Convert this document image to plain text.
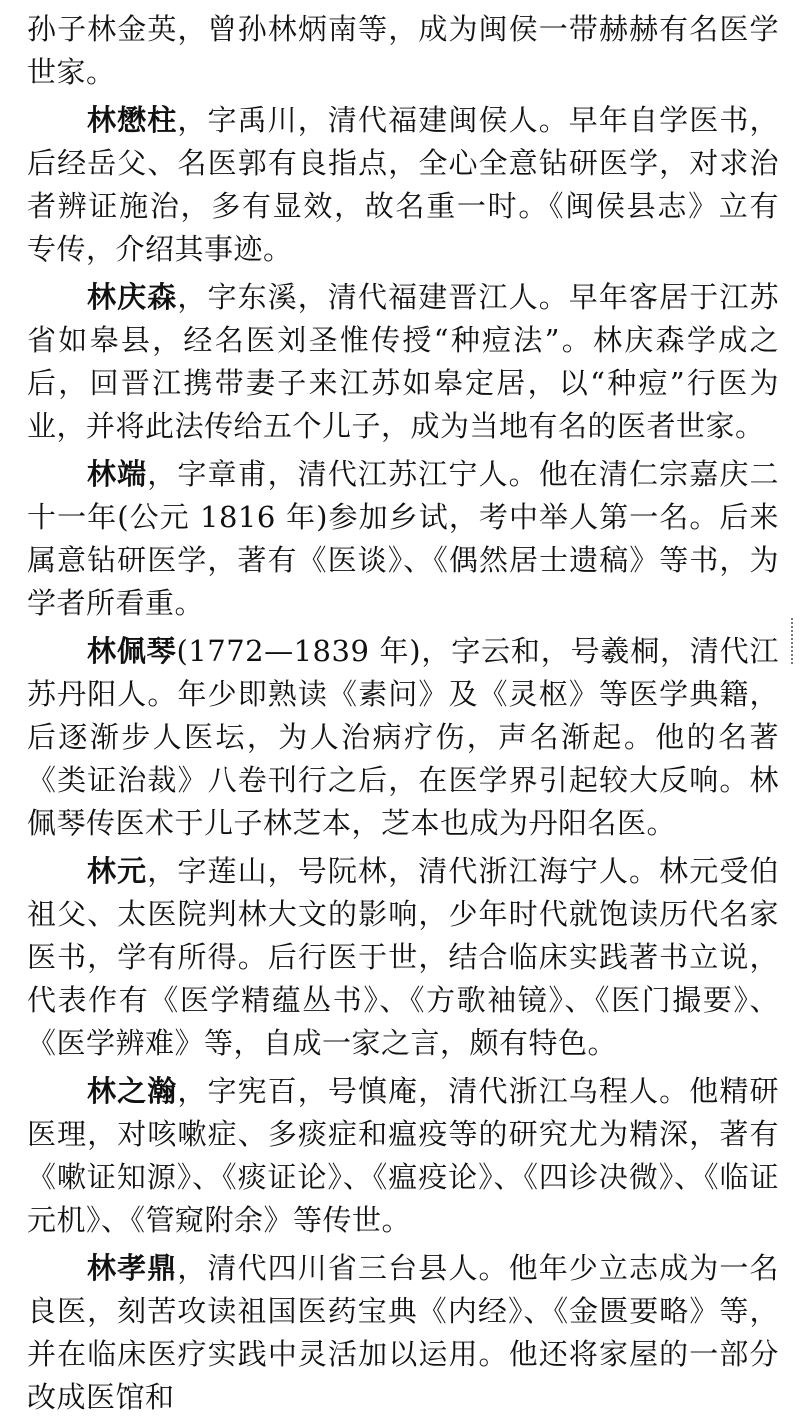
孙子林金英，曾孙林炳南等，成为闽侯一带赫赫有名医学世家。

林懋柱，字禹川，清代福建闽侯人。早年自学医书，后经岳父、名医郭有良指点，全心全意钻研医学，对求治者辨证施治，多有显效，故名重一时。《闽侯县志》立有专传，介绍其事迹。

林庆森，字东溪，清代福建晋江人。早年客居于江苏省如皋县，经名医刘圣惟传授“种痘法”。林庆森学成之后，回晋江携带妻子来江苏如皋定居，以“种痘”行医为业，并将此法传给五个儿子，成为当地有名的医者世家。

林端，字章甫，清代江苏江宁人。他在清仁宗嘉庆二十一年(公元 1816 年)参加乡试，考中举人第一名。后来属意钻研医学，著有《医谈》、《偶然居士遗稿》等书，为学者所看重。

林佩琴(1772—1839 年)，字云和，号羲桐，清代江苏丹阳人。年少即熟读《素问》及《灵枢》等医学典籍，后逐渐步人医坛，为人治病疗伤，声名渐起。他的名著《类证治裁》八卷刊行之后，在医学界引起较大反响。林佩琴传医术于儿子林芝本，芝本也成为丹阳名医。

林元，字莲山，号阮林，清代浙江海宁人。林元受伯祖父、太医院判林大文的影响，少年时代就饱读历代名家医书，学有所得。后行医于世，结合临床实践著书立说，代表作有《医学精蕴丛书》、《方歌袖镜》、《医门撮要》、《医学辨难》等，自成一家之言，颇有特色。

林之瀚，字宪百，号慎庵，清代浙江乌程人。他精研医理，对咳嗽症、多痰症和瘟疫等的研究尤为精深，著有《嗽证知源》、《痰证论》、《瘟疫论》、《四诊决微》、《临证元机》、《管窥附余》等传世。

林孝鼎，清代四川省三台县人。他年少立志成为一名良医，刻苦攻读祖国医药宝典《内经》、《金匮要略》等，并在临床医疗实践中灵活加以运用。他还将家屋的一部分改成医馆和
